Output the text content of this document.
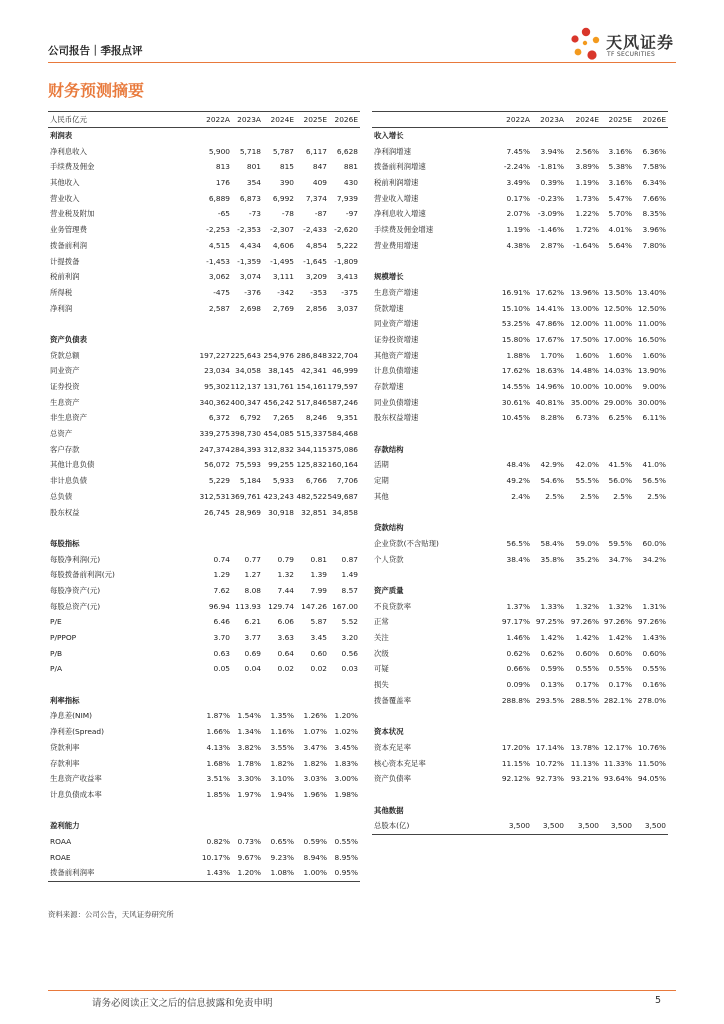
公司报告｜季报点评	天风证券
TF SECURITIES
财务预测摘要
人民币亿元	2022A 2023A 2024E 2025E 2026E
利润表
净利息收入	5,900 5,718 5,787 6,117 6,628
手续费及佣金	813 801	815	847 881
其他收入	176 354	390	409 430
营业收入	6,889 6,873 6,992 7,374 7,939
营业税及附加	-65	-73	-78	-87	-97
业务管理费	-2,253 -2,353 -2,307 -2,433 -2,620
拨备前利润	4,515 4,434 4,606 4,854 5,222
计提拨备	-1,453 -1,359 -1,495 -1,645 -1,809
税前利润	3,062 3,074 3,111 3,209 3,413
所得税	-475 -376 -342 -353 -375
净利润	2,587 2,698 2,769 2,856 3,037
资产负债表
贷款总额	197,227 225,643 254,976 286,848 322,704
同业资产	23,034 34,058 38,145 42,341 46,999
证券投资	95,302 112,137 131,761 154,161 179,597
生息资产	340,362 400,347 456,242 517,846 587,246
非生息资产	6,372 6,792 7,265 8,246 9,351
总资产	339,275 398,730 454,085 515,337 584,468
客户存款	247,374 284,393 312,832 344,115 375,086
其他计息负债	56,072 75,593 99,255 125,832 160,164
非计息负债	5,229 5,184 5,933 6,766 7,706
总负债	312,531 369,761 423,243 482,522 549,687
股东权益	26,745 28,969 30,918 32,851 34,858
每股指标
每股净利润(元)	0.74 0.77 0.79 0.81 0.87
每股拨备前利润(元)	1.29 1.27 1.32 1.39 1.49
每股净资产(元)	7.62 8.08 7.44 7.99 8.57
每股总资产(元)	96.94 113.93 129.74 147.26 167.00
P/E	6.46 6.21 6.06 5.87 5.52
P/PPOP	3.70 3.77 3.63 3.45 3.20
P/B	0.63 0.69 0.64 0.60 0.56
P/A	0.05 0.04 0.02 0.02 0.03
利率指标
净息差(NIM)	1.87% 1.54% 1.35% 1.26% 1.20%
净利差(Spread)	1.66% 1.34% 1.16% 1.07% 1.02%
贷款利率	4.13% 3.82% 3.55% 3.47% 3.45%
存款利率	1.68% 1.78% 1.82% 1.82% 1.83%
生息资产收益率	3.51% 3.30% 3.10% 3.03% 3.00%
计息负债成本率	1.85% 1.97% 1.94% 1.96% 1.98%
盈利能力
ROAA	0.82% 0.73% 0.65% 0.59% 0.55%
ROAE	10.17% 9.67% 9.23% 8.94% 8.95%
拨备前利润率	1.43% 1.20% 1.08% 1.00% 0.95%
2022A 2023A 2024E 2025E 2026E
收入增长
净利润增速	7.45% 3.94% 2.56% 3.16% 6.36%
拨备前利润增速	-2.24% -1.81% 3.89% 5.38% 7.58%
税前利润增速	3.49% 0.39% 1.19% 3.16% 6.34%
营业收入增速	0.17% -0.23% 1.73% 5.47% 7.66%
净利息收入增速	2.07% -3.09% 1.22% 5.70% 8.35%
手续费及佣金增速	1.19% -1.46% 1.72% 4.01% 3.96%
营业费用增速	4.38% 2.87% -1.64% 5.64% 7.80%
规模增长
生息资产增速	16.91% 17.62% 13.96% 13.50% 13.40%
贷款增速	15.10% 14.41% 13.00% 12.50% 12.50%
同业资产增速	53.25% 47.86% 12.00% 11.00% 11.00%
证券投资增速	15.80% 17.67% 17.50% 17.00% 16.50%
其他资产增速	1.88% 1.70% 1.60% 1.60% 1.60%
计息负债增速	17.62% 18.63% 14.48% 14.03% 13.90%
存款增速	14.55% 14.96% 10.00% 10.00% 9.00%
同业负债增速	30.61% 40.81% 35.00% 29.00% 30.00%
股东权益增速	10.45% 8.28% 6.73% 6.25% 6.11%
存款结构
活期	48.4% 42.9% 42.0% 41.5% 41.0%
定期	49.2% 54.6% 55.5% 56.0% 56.5%
其他	2.4% 2.5% 2.5% 2.5% 2.5%
贷款结构
企业贷款(不含贴现)	56.5% 58.4% 59.0% 59.5% 60.0%
个人贷款	38.4% 35.8% 35.2% 34.7% 34.2%
资产质量
不良贷款率	1.37% 1.33% 1.32% 1.32% 1.31%
正常	97.17% 97.25% 97.26% 97.26% 97.26%
关注	1.46% 1.42% 1.42% 1.42% 1.43%
次级	0.62% 0.62% 0.60% 0.60% 0.60%
可疑	0.66% 0.59% 0.55% 0.55% 0.55%
损失	0.09% 0.13% 0.17% 0.17% 0.16%
拨备覆盖率	288.8% 293.5% 288.5% 282.1% 278.0%
资本状况
资本充足率	17.20% 17.14% 13.78% 12.17% 10.76%
核心资本充足率	11.15% 10.72% 11.13% 11.33% 11.50%
资产负债率	92.12% 92.73% 93.21% 93.64% 94.05%
其他数据
总股本(亿)	3,500 3,500 3,500 3,500 3,500
资料来源：公司公告，天风证券研究所
请务必阅读正文之后的信息披露和免责申明	5
